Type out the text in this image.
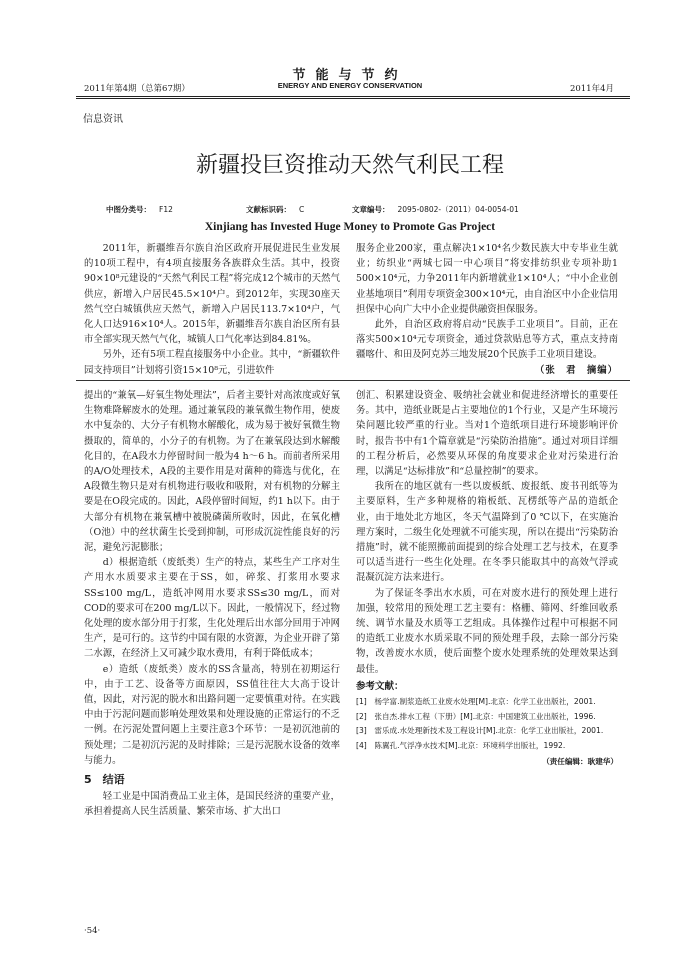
2011年第4期（总第67期）
节能与节约
ENERGY AND ENERGY CONSERVATION	2011年4月
信息资讯
新疆投巨资推动天然气利民工程
中图分类号： F12	文献标识码： C	文章编号： 2095-0802-（2011）04-0054-01
Xinjiang has Invested Huge Money to Promote Gas Project

2011年，新疆维吾尔族自治区政府开展促进民生业发展的10项工程中，有4项直接服务各族群众生活。其中，投资90×10⁸元建设的“天然气利民工程”将完成12个城市的天然气供应，新增入户居民45.5×10⁴户。到2012年，实现30座天然气空白城镇供应天然气，新增入户居民113.7×10⁴户，气化人口达916×10⁴人。2015年，新疆维吾尔族自治区所有县市全部实现天然气气化，城镇人口气化率达到84.81%。

另外，还有5项工程直接服务中小企业。其中，“新疆软件园支持项目”计划将引资15×10⁸元，引进软件

服务企业200家，重点解决1×10⁴名少数民族大中专毕业生就业；纺织业“两城七园一中心项目”将安排纺织业专项补助1 500×10⁴元，力争2011年内新增就业1×10⁴人；“中小企业创业基地项目”利用专项资金300×10⁴元，由自治区中小企业信用担保中心向广大中小企业提供融资担保服务。

此外，自治区政府将启动“民族手工业项目”。目前，正在落实500×10⁴元专项资金，通过贷款贴息等方式，重点支持南疆喀什、和田及阿克苏三地发展20个民族手工业项目建设。
（张　君　摘编）

提出的“兼氧—好氧生物处理法”，后者主要针对高浓度或好氧生物难降解废水的处理。通过兼氧段的兼氧微生物作用，使废水中复杂的、大分子有机物水解酸化，成为易于被好氧微生物摄取的，简单的，小分子的有机物。为了在兼氧段达到水解酸化目的，在A段水力停留时间一般为4 h～6 h。而前者所采用的A/O处理技术，A段的主要作用是对菌种的筛选与优化，在A段微生物只是对有机物进行吸收和吸附，对有机物的分解主要是在O段完成的。因此，A段停留时间短，约1 h以下。由于大部分有机物在兼氧槽中被脱磷菌所收时，因此，在氧化槽（O池）中的丝状菌生长受到抑制，可形成沉淀性能良好的污泥，避免污泥膨胀；

d）根据造纸（废纸类）生产的特点，某些生产工序对生产用水水质要求主要在于SS，如，碎浆、打浆用水要求SS≤100 mg/L，造纸冲网用水要求SS≤30 mg/L，而对COD的要求可在200 mg/L以下。因此，一般情况下，经过物化处理的废水部分用于打浆，生化处理后出水部分回用于冲网生产，是可行的。这节约中国有限的水资源，为企业开辟了第二水源，在经济上又可减少取水费用，有利于降低成本；

e）造纸（废纸类）废水的SS含量高，特别在初期运行中，由于工艺、设备等方面原因，SS值往往大大高于设计值，因此，对污泥的脱水和出路问题一定要慎重对待。在实践中由于污泥问题而影响处理效果和处理设施的正常运行的不乏一例。在污泥处置问题上主要注意3个环节：一是初沉池前的预处理；二是初沉污泥的及时排除；三是污泥脱水设备的效率与能力。

5　结语

轻工业是中国消费品工业主体，是国民经济的重要产业，承担着提高人民生活质量、繁荣市场、扩大出口

创汇、积累建设资金、吸纳社会就业和促进经济增长的重要任务。其中，造纸业既是占主要地位的1个行业，又是产生环境污染问题比较严重的行业。当对1个造纸项目进行环境影响评价时，报告书中有1个篇章就是“污染防治措施”。通过对项目详细的工程分析后，必然要从环保的角度要求企业对污染进行治理，以满足“达标排放”和“总量控制”的要求。

我所在的地区就有一些以废板纸、废报纸、废书刊纸等为主要原料，生产多种规格的箱板纸、瓦楞纸等产品的造纸企业，由于地处北方地区，冬天气温降到了0 ℃以下，在实施治理方案时，二级生化处理就不可能实现，所以在提出“污染防治措施”时，就不能照搬前面提到的综合处理工艺与技术，在夏季可以适当进行一些生化处理。在冬季只能取其中的高效气浮或混凝沉淀方法来进行。

为了保证冬季出水水质，可在对废水进行的预处理上进行加强，较常用的预处理工艺主要有：格栅、筛网、纤维回收系统、调节水量及水质等工艺组成。具体操作过程中可根据不同的造纸工业废水水质采取不同的预处理手段，去除一部分污染物，改善废水水质，使后面整个废水处理系统的处理效果达到最佳。

参考文献：
[1]　杨学富.制浆造纸工业废水处理[M].北京：化学工业出版社，2001.
[2]　张自杰.排水工程（下册）[M].北京：中国建筑工业出版社，1996.
[3]　雷乐成.水处理新技术及工程设计[M].北京：化学工业出版社，2001.
[4]　陈翼孔.气浮净水技术[M].北京：环境科学出版社，1992.
（责任编辑：耿建华）
·54·
